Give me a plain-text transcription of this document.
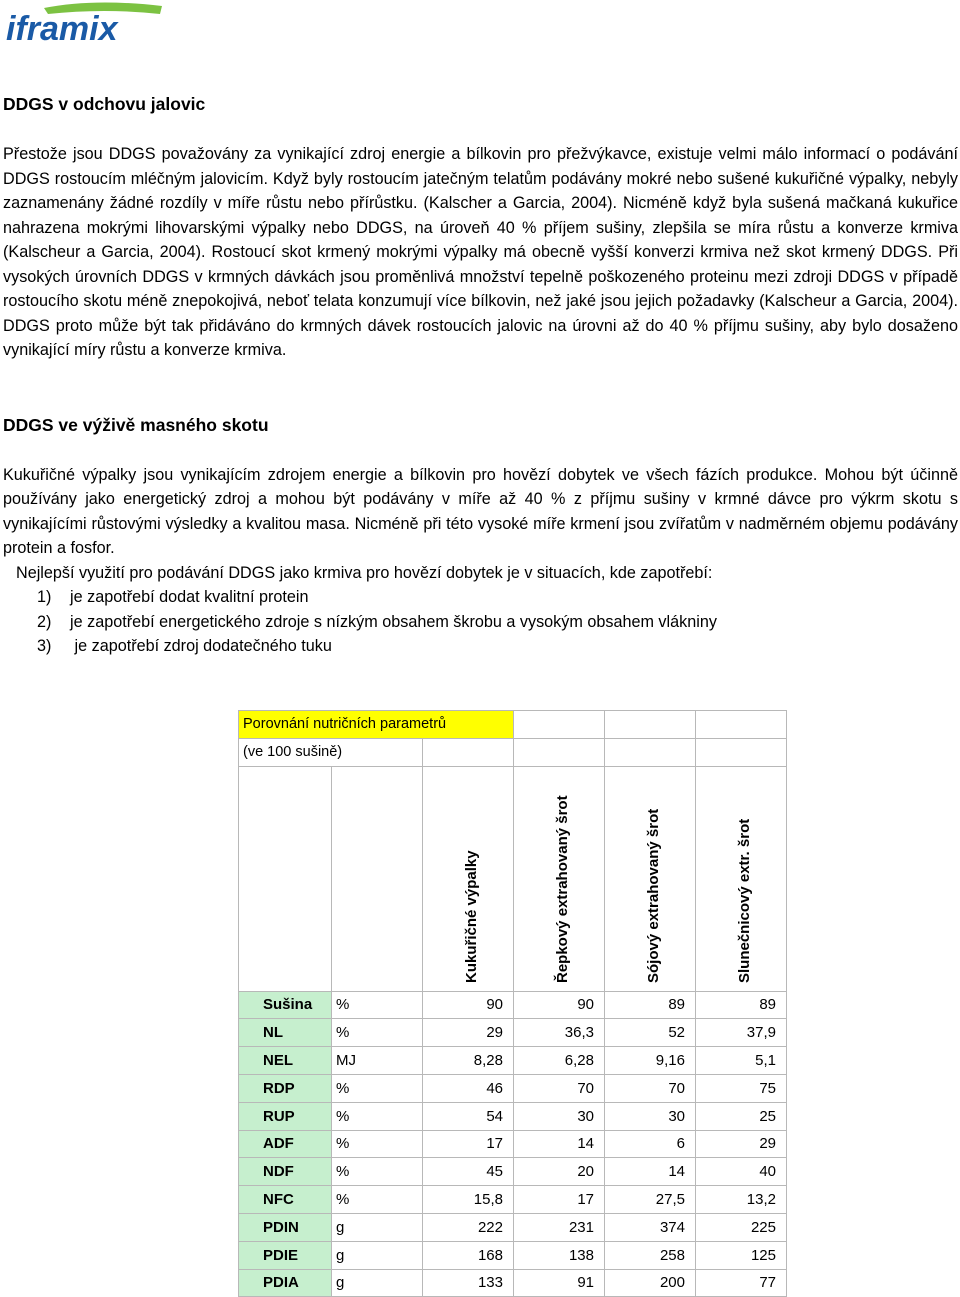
iframix
DDGS v odchovu jalovic

Přestože jsou DDGS považovány za vynikající zdroj energie a bílkovin pro přežvýkavce, existuje velmi málo informací o podávání DDGS rostoucím mléčným jalovicím. Když byly rostoucím jatečným telatům podávány mokré nebo sušené kukuřičné výpalky, nebyly zaznamenány žádné rozdíly v míře růstu nebo přírůstku. (Kalscher a Garcia, 2004). Nicméně když byla sušená mačkaná kukuřice nahrazena mokrými lihovarskými výpalky nebo DDGS, na úroveň 40 % příjem sušiny, zlepšila se míra růstu a konverze krmiva (Kalscheur a Garcia, 2004). Rostoucí skot krmený mokrými výpalky má obecně vyšší konverzi krmiva než skot krmený DDGS. Při vysokých úrovních DDGS v krmných dávkách jsou proměnlivá množství tepelně poškozeného proteinu mezi zdroji DDGS v případě rostoucího skotu méně znepokojivá, neboť telata konzumují více bílkovin, než jaké jsou jejich požadavky (Kalscheur a Garcia, 2004). DDGS proto může být tak přidáváno do krmných dávek rostoucích jalovic na úrovni až do 40 % příjmu sušiny, aby bylo dosaženo vynikající míry růstu a konverze krmiva.

DDGS ve výživě masného skotu

Kukuřičné výpalky jsou vynikajícím zdrojem energie a bílkovin pro hovězí dobytek ve všech fázích produkce. Mohou být účinně používány jako energetický zdroj a mohou být podávány v míře až 40 % z příjmu sušiny v krmné dávce pro výkrm skotu s vynikajícími růstovými výsledky a kvalitou masa. Nicméně při této vysoké míře krmení jsou zvířatům v nadměrném objemu podávány protein a fosfor.

Nejlepší využití pro podávání DDGS jako krmiva pro hovězí dobytek je v situacích, kde zapotřebí:

1) je zapotřebí dodat kvalitní protein
2) je zapotřebí energetického zdroje s nízkým obsahem škrobu a vysokým obsahem vlákniny
3) je zapotřebí zdroj dodatečného tuku
Porovnání nutričních parametrů					
(ve 100 sušině)					

		Kukuřičné výpalky	Řepkový extrahovaný šrot	Sójový extrahovaný šrot	Slunečnicový extr. šrot

Sušina	%	90	90	89	89
NL	%	29	36,3	52	37,9
NEL	MJ	8,28	6,28	9,16	5,1
RDP	%	46	70	70	75
RUP	%	54	30	30	25
ADF	%	17	14	6	29
NDF	%	45	20	14	40
NFC	%	15,8	17	27,5	13,2
PDIN	g	222	231	374	225
PDIE	g	168	138	258	125
PDIA	g	133	91	200	77
